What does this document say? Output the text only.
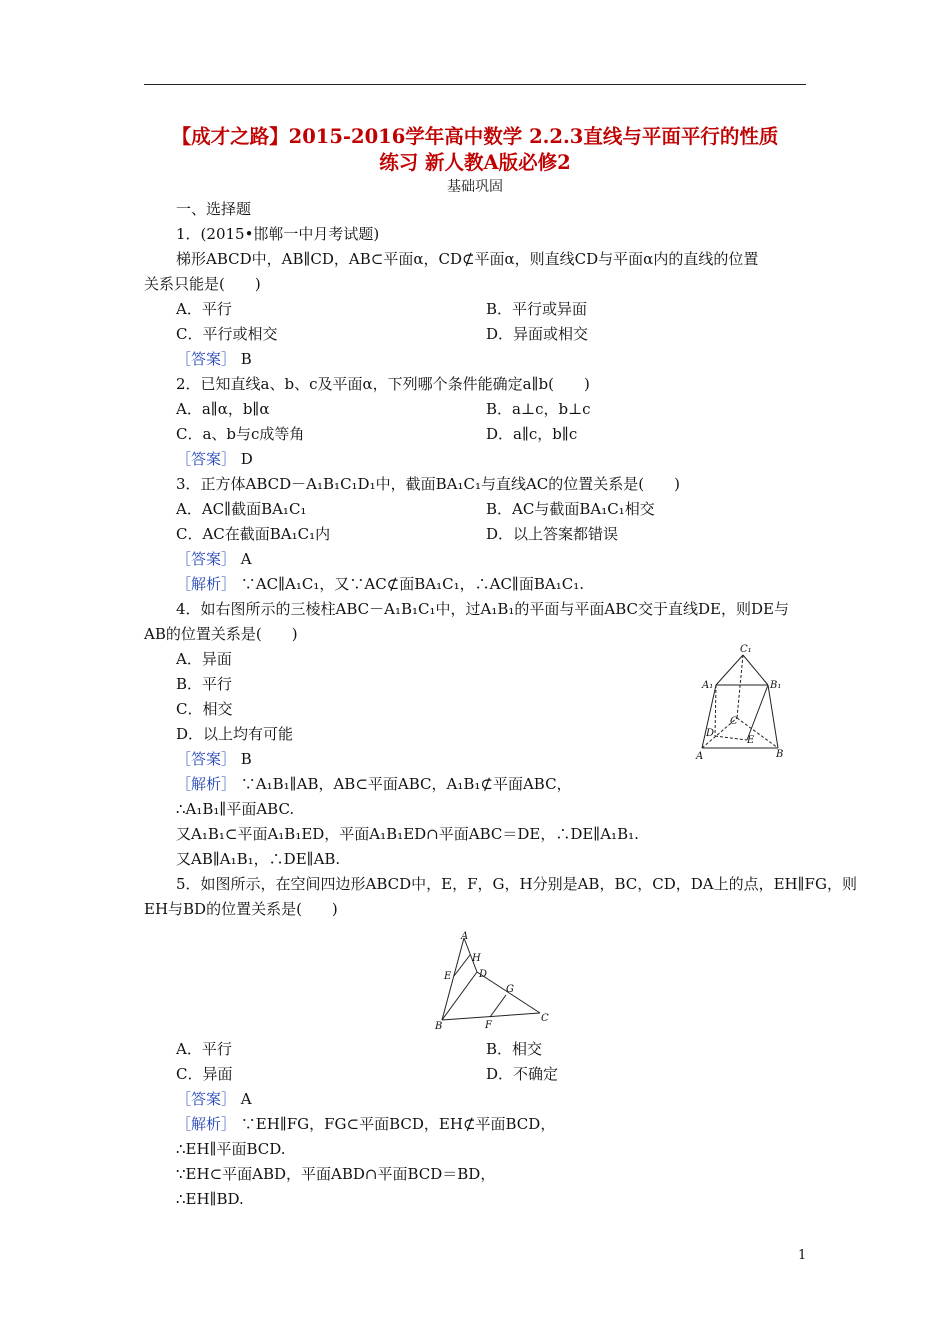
【成才之路】2015-2016学年高中数学 2.2.3直线与平面平行的性质
练习 新人教A版必修2
基础巩固
一、选择题
1．(2015•邯郸一中月考试题)
梯形ABCD中，AB∥CD，AB⊂平面α，CD⊄平面α，则直线CD与平面α内的直线的位置
关系只能是(　　)
A．平行	B．平行或异面
C．平行或相交	D．异面或相交
［答案］ B
2．已知直线a、b、c及平面α，下列哪个条件能确定a∥b(　　)
A．a∥α，b∥α	B．a⊥c，b⊥c
C．a、b与c成等角	D．a∥c，b∥c
［答案］ D
3．正方体ABCD－A₁B₁C₁D₁中，截面BA₁C₁与直线AC的位置关系是(　　)
A．AC∥截面BA₁C₁	B．AC与截面BA₁C₁相交
C．AC在截面BA₁C₁内	D．以上答案都错误
［答案］ A
［解析］ ∵AC∥A₁C₁，又∵AC⊄面BA₁C₁，∴AC∥面BA₁C₁.
4．如右图所示的三棱柱ABC－A₁B₁C₁中，过A₁B₁的平面与平面ABC交于直线DE，则DE与
AB的位置关系是(　　)
A．异面
B．平行
C．相交
D．以上均有可能
［答案］ B
［解析］ ∵A₁B₁∥AB，AB⊂平面ABC，A₁B₁⊄平面ABC，
∴A₁B₁∥平面ABC.
又A₁B₁⊂平面A₁B₁ED，平面A₁B₁ED∩平面ABC＝DE，∴DE∥A₁B₁.
又AB∥A₁B₁，∴DE∥AB.
C₁
A₁	B₁
C
D
E
A	B
5．如图所示，在空间四边形ABCD中，E，F，G，H分别是AB，BC，CD，DA上的点，EH∥FG，则
EH与BD的位置关系是(　　)
A
H
E	D
G
B	F
C
A．平行	B．相交
C．异面	D．不确定
［答案］ A
［解析］ ∵EH∥FG，FG⊂平面BCD，EH⊄平面BCD，
∴EH∥平面BCD.
∵EH⊂平面ABD，平面ABD∩平面BCD＝BD，
∴EH∥BD.
1
